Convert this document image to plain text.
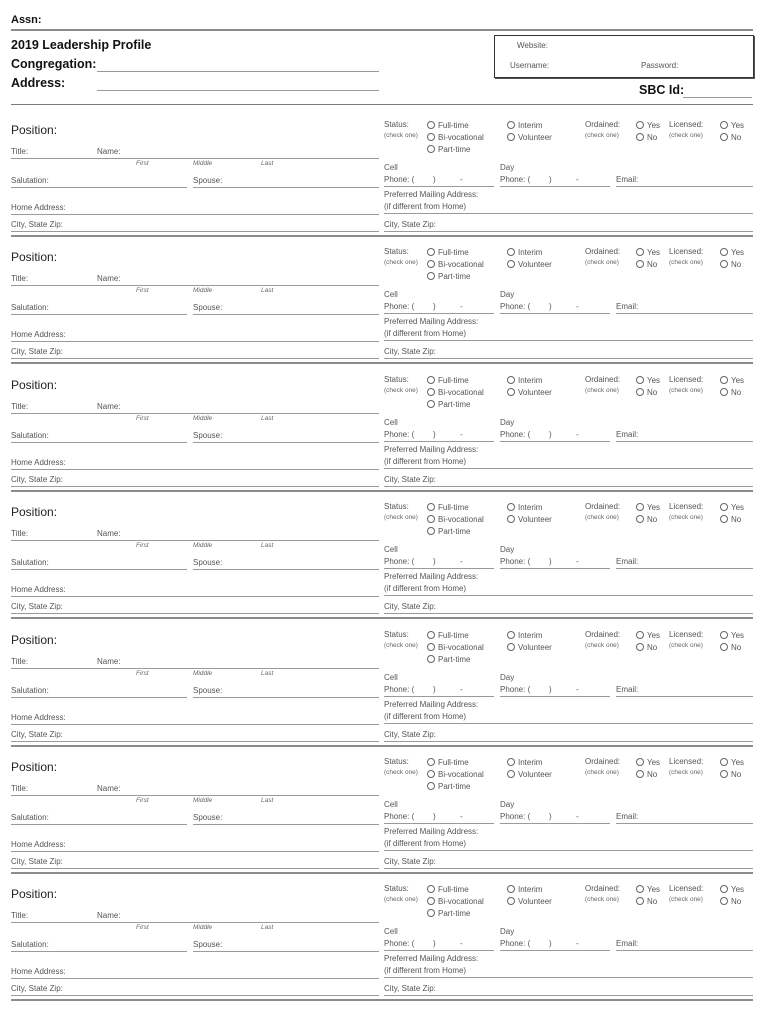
Assn:
2019 Leadership Profile
Congregation:
Address:
Website:
Username:	Password:
SBC Id:
Position:
Title:	Name:
First	Middle	Last
Salutation:	Spouse:
Home Address:
City, State Zip:
Status:
(check one)
Full-time
Bi-vocational
Part-time
Interim
Volunteer
Ordained:
(check one)
Yes
No
Licensed:
(check one)
Yes
No
Cell
Phone: ( )	-
Day
Phone: ( )	-	Email:
Preferred Mailing Address:
(if different from Home)
City, State Zip:
Position:
Title:	Name:
First	Middle	Last
Salutation:	Spouse:
Home Address:
City, State Zip:
Status:
(check one)
Full-time
Bi-vocational
Part-time
Interim
Volunteer
Ordained:
(check one)
Yes
No
Licensed:
(check one)
Yes
No
Cell
Phone: ( )	-
Day
Phone: ( )	-	Email:
Preferred Mailing Address:
(if different from Home)
City, State Zip:
Position:
Title:	Name:
First	Middle	Last
Salutation:	Spouse:
Home Address:
City, State Zip:
Status:
(check one)
Full-time
Bi-vocational
Part-time
Interim
Volunteer
Ordained:
(check one)
Yes
No
Licensed:
(check one)
Yes
No
Cell
Phone: ( )	-
Day
Phone: ( )	-	Email:
Preferred Mailing Address:
(if different from Home)
City, State Zip:
Position:
Title:	Name:
First	Middle	Last
Salutation:	Spouse:
Home Address:
City, State Zip:
Status:
(check one)
Full-time
Bi-vocational
Part-time
Interim
Volunteer
Ordained:
(check one)
Yes
No
Licensed:
(check one)
Yes
No
Cell
Phone: ( )	-
Day
Phone: ( )	-	Email:
Preferred Mailing Address:
(if different from Home)
City, State Zip:
Position:
Title:	Name:
First	Middle	Last
Salutation:	Spouse:
Home Address:
City, State Zip:
Status:
(check one)
Full-time
Bi-vocational
Part-time
Interim
Volunteer
Ordained:
(check one)
Yes
No
Licensed:
(check one)
Yes
No
Cell
Phone: ( )	-
Day
Phone: ( )	-	Email:
Preferred Mailing Address:
(if different from Home)
City, State Zip:
Position:
Title:	Name:
First	Middle	Last
Salutation:	Spouse:
Home Address:
City, State Zip:
Status:
(check one)
Full-time
Bi-vocational
Part-time
Interim
Volunteer
Ordained:
(check one)
Yes
No
Licensed:
(check one)
Yes
No
Cell
Phone: ( )	-
Day
Phone: ( )	-	Email:
Preferred Mailing Address:
(if different from Home)
City, State Zip:
Position:
Title:	Name:
First	Middle	Last
Salutation:	Spouse:
Home Address:
City, State Zip:
Status:
(check one)
Full-time
Bi-vocational
Part-time
Interim
Volunteer
Ordained:
(check one)
Yes
No
Licensed:
(check one)
Yes
No
Cell
Phone: ( )	-
Day
Phone: ( )	-	Email:
Preferred Mailing Address:
(if different from Home)
City, State Zip:
